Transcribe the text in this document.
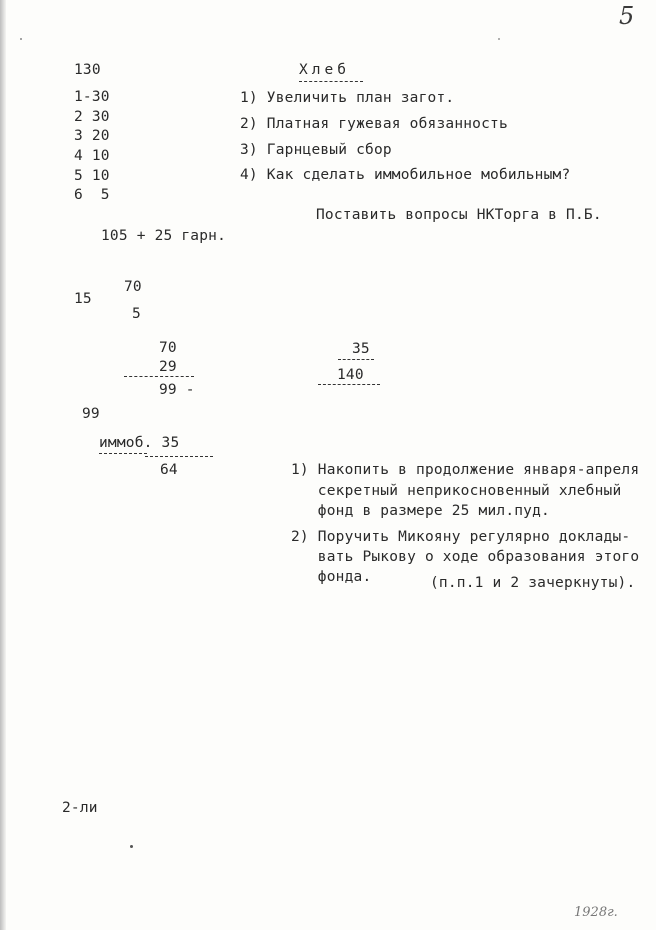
5
130
1-30
2 30
3 20
4 10
5 10
6  5
105 + 25 гарн.
Хлеб
1) Увеличить план загот.
2) Платная гужевая обязанность
3) Гарнцевый сбор
4) Как сделать иммобильное мобильным?
Поставить вопросы НКТорга в П.Б.
70
15
5
70
29
99 -
35
140
99
иммоб. 35
64	1) Накопить в продолжение января-апреля
секретный неприкосновенный хлебный
фонд в размере 25 мил.пуд.
2) Поручить Микояну регулярно доклады-
вать Рыкову о ходе образования этого
фонда.	(п.п.1 и 2 зачеркнуты).
2-ли
1928г.
